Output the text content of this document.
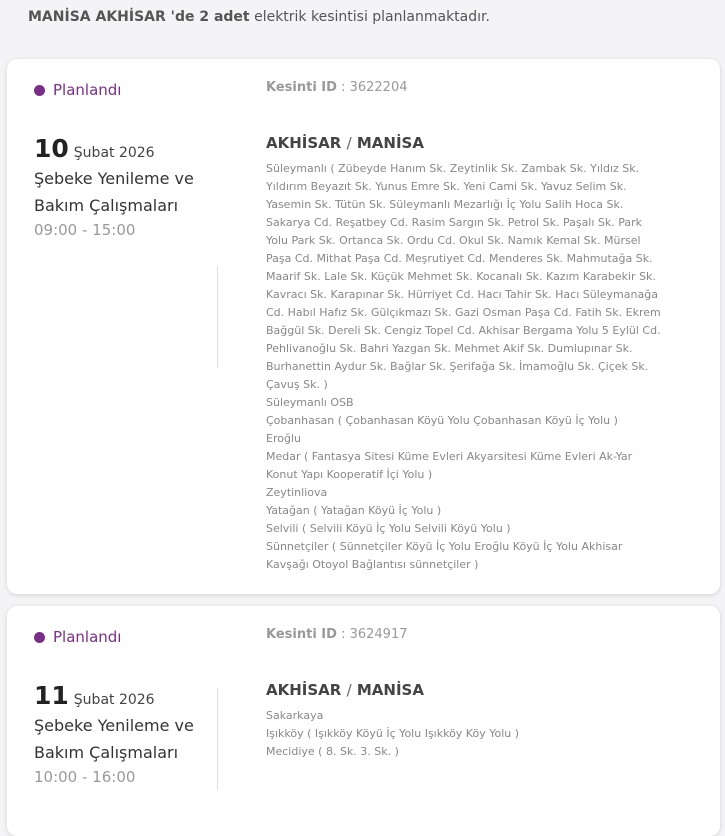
MANİSA AKHİSAR 'de 2 adet elektrik kesintisi planlanmaktadır.
Planlandı	Kesinti ID : 3622204
10 Şubat 2026
Şebeke Yenileme ve Bakım Çalışmaları
09:00 - 15:00
AKHİSAR / MANİSA
Süleymanlı ( Zübeyde Hanım Sk. Zeytinlik Sk. Zambak Sk. Yıldız Sk. Yıldırım Beyazıt Sk. Yunus Emre Sk. Yeni Cami Sk. Yavuz Selim Sk. Yasemin Sk. Tütün Sk. Süleymanlı Mezarlığı İç Yolu Salih Hoca Sk. Sakarya Cd. Reşatbey Cd. Rasim Sargın Sk. Petrol Sk. Paşalı Sk. Park Yolu Park Sk. Ortanca Sk. Ordu Cd. Okul Sk. Namık Kemal Sk. Mürsel Paşa Cd. Mithat Paşa Cd. Meşrutiyet Cd. Menderes Sk. Mahmutağa Sk. Maarif Sk. Lale Sk. Küçük Mehmet Sk. Kocanalı Sk. Kazım Karabekir Sk. Kavracı Sk. Karapınar Sk. Hürriyet Cd. Hacı Tahir Sk. Hacı Süleymanağa Cd. Habıl Hafız Sk. Gülçıkmazı Sk. Gazi Osman Paşa Cd. Fatih Sk. Ekrem Bağgül Sk. Dereli Sk. Cengiz Topel Cd. Akhisar Bergama Yolu 5 Eylül Cd. Pehlivanoğlu Sk. Bahri Yazgan Sk. Mehmet Akif Sk. Dumlupınar Sk. Burhanettin Aydur Sk. Bağlar Sk. Şerifağa Sk. İmamoğlu Sk. Çiçek Sk. Çavuş Sk. )
Süleymanlı OSB
Çobanhasan ( Çobanhasan Köyü Yolu Çobanhasan Köyü İç Yolu )
Eroğlu
Medar ( Fantasya Sitesi Küme Evleri Akyarsitesi Küme Evleri Ak-Yar Konut Yapı Kooperatif İçi Yolu )
Zeytinliova
Yatağan ( Yatağan Köyü İç Yolu )
Selvili ( Selvili Köyü İç Yolu Selvili Köyü Yolu )
Sünnetçiler ( Sünnetçiler Köyü İç Yolu Eroğlu Köyü İç Yolu Akhisar Kavşağı Otoyol Bağlantısı sünnetçiler )
Planlandı	Kesinti ID : 3624917
11 Şubat 2026
Şebeke Yenileme ve Bakım Çalışmaları
10:00 - 16:00
AKHİSAR / MANİSA
Sakarkaya
Işıkköy ( Işıkköy Köyü İç Yolu Işıkköy Köy Yolu )
Mecidiye ( 8. Sk. 3. Sk. )
